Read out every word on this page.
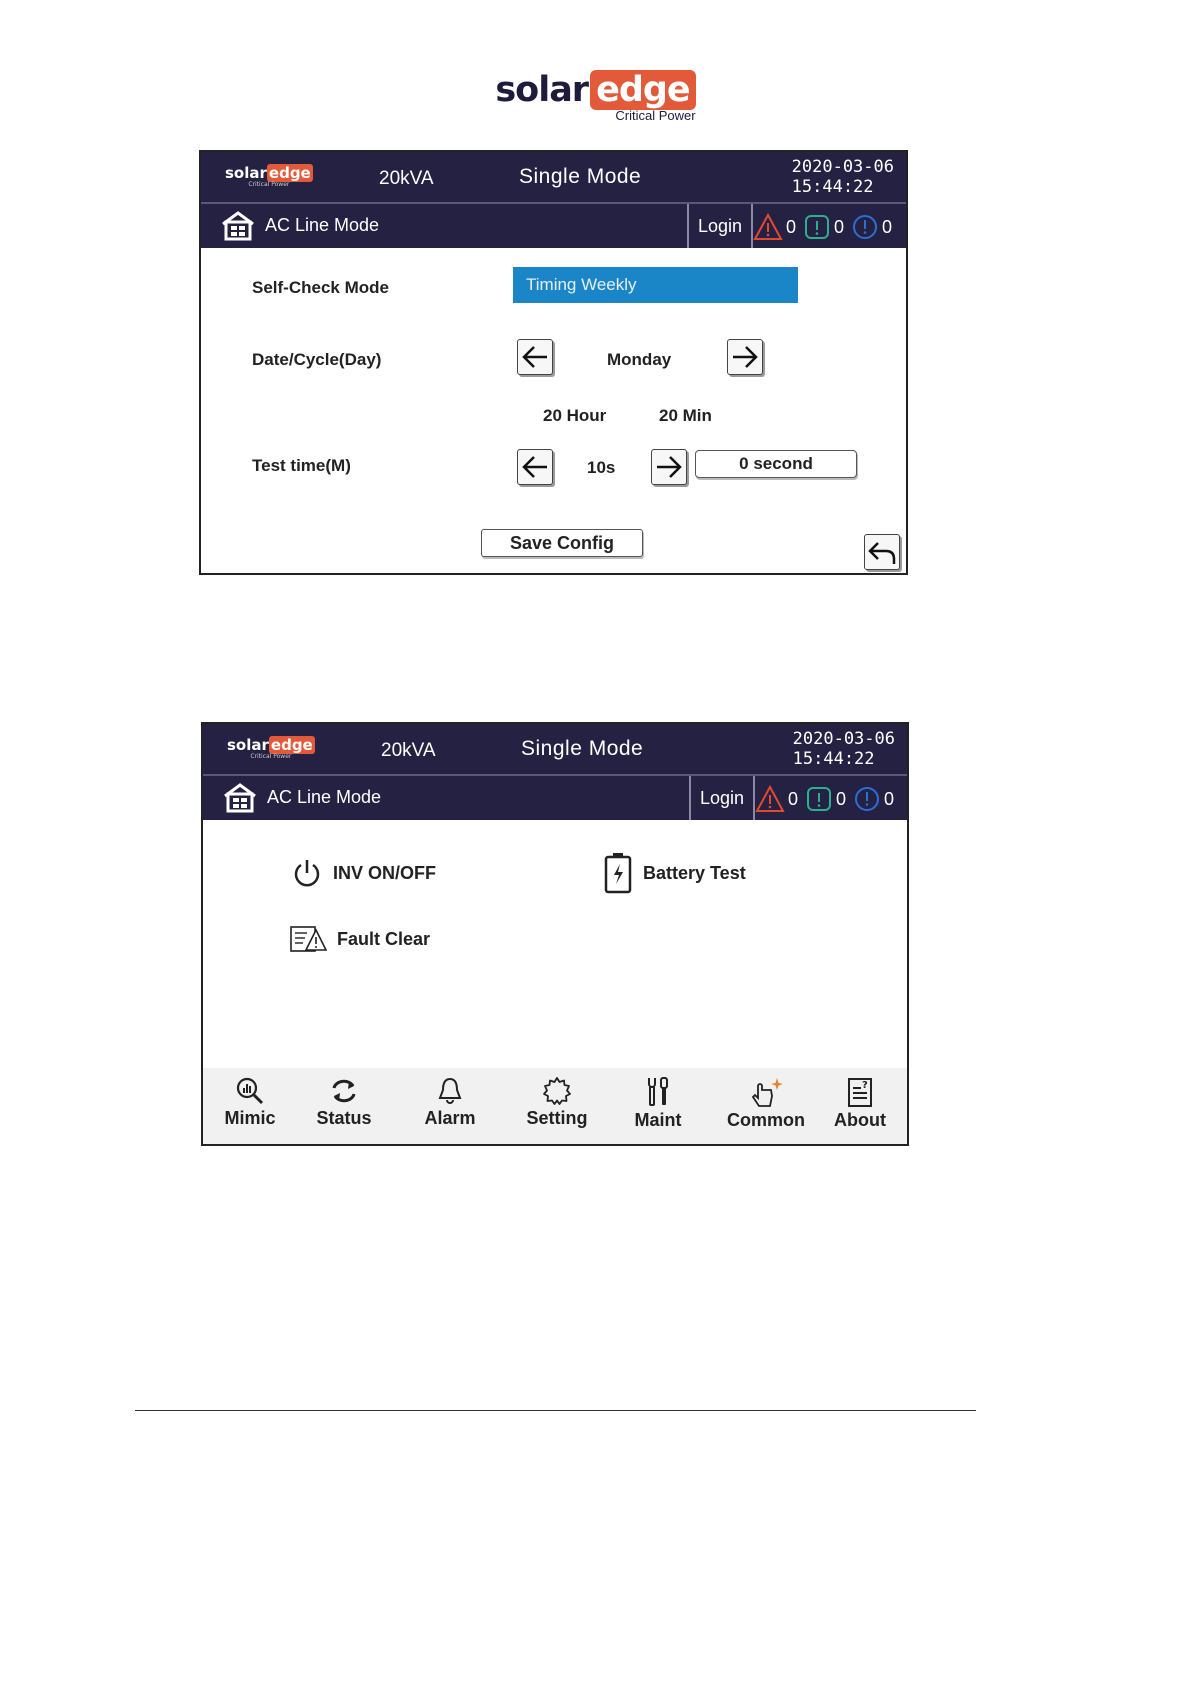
solar edge
Critical Power
solar edge
Critical Power	20kVA	Single Mode	2020-03-06
15:44:22
AC Line Mode	Login	0 0 0
Self-Check Mode	Timing Weekly
Date/Cycle(Day)	Monday
20 Hour	20 Min
Test time(M)	10s	0 second
Save Config
solar edge
Critical Power	20kVA	Single Mode	2020-03-06
15:44:22
AC Line Mode	Login	0 0 0
INV ON/OFF	Battery Test
Fault Clear
Mimic	Status	Alarm	Setting	Maint	Common
?
About
